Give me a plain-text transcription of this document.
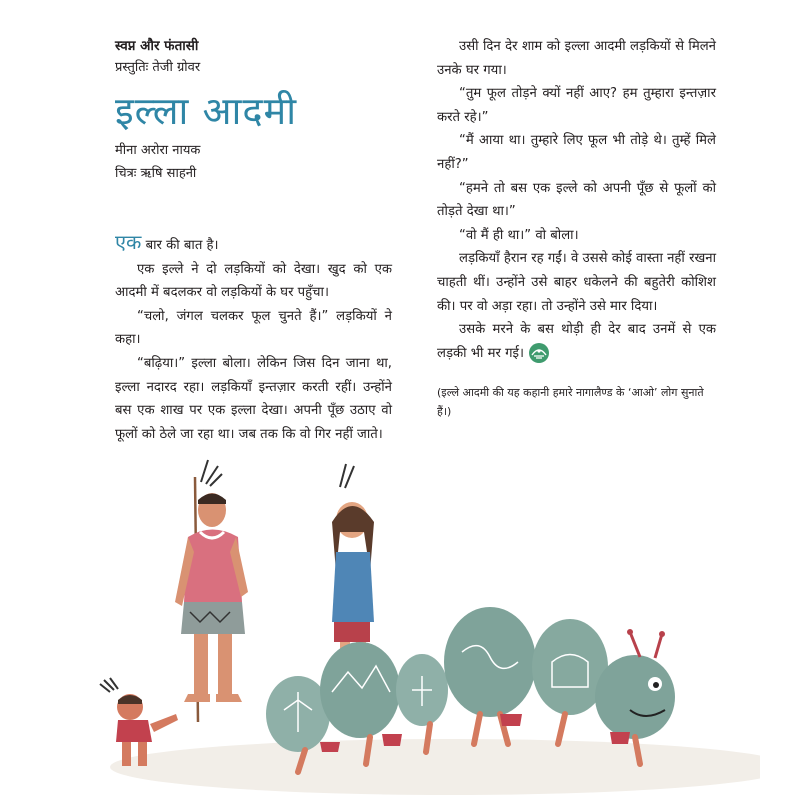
स्वप्न और फंतासी
प्रस्तुतिः तेजी ग्रोवर
इल्ला आदमी
मीना अरोरा नायक
चित्रः ऋषि साहनी

एक बार की बात है।

एक इल्ले ने दो लड़कियों को देखा। खुद को एक आदमी में बदलकर वो लड़कियों के घर पहुँचा।

“चलो, जंगल चलकर फूल चुनते हैं।” लड़कियों ने कहा।

“बढ़िया।” इल्ला बोला। लेकिन जिस दिन जाना था, इल्ला नदारद रहा। लड़कियाँ इन्तज़ार करती रहीं। उन्होंने बस एक शाख पर एक इल्ला देखा। अपनी पूँछ उठाए वो फूलों को ठेले जा रहा था। जब तक कि वो गिर नहीं जाते।

उसी दिन देर शाम को इल्ला आदमी लड़कियों से मिलने उनके घर गया।

“तुम फूल तोड़ने क्यों नहीं आए? हम तुम्हारा इन्तज़ार करते रहे।”

“मैं आया था। तुम्हारे लिए फूल भी तोड़े थे। तुम्हें मिले नहीं?”

“हमने तो बस एक इल्ले को अपनी पूँछ से फूलों को तोड़ते देखा था।”

“वो मैं ही था।” वो बोला।

लड़कियाँ हैरान रह गईं। वे उससे कोई वास्ता नहीं रखना चाहती थीं। उन्होंने उसे बाहर धकेलने की बहुतेरी कोशिश की। पर वो अड़ा रहा। तो उन्होंने उसे मार दिया।

उसके मरने के बस थोड़ी ही देर बाद उनमें से एक लड़की भी मर गई।

(इल्ले आदमी की यह कहानी हमारे नागालैण्ड के ‘आओ’ लोग सुनाते हैं।)
